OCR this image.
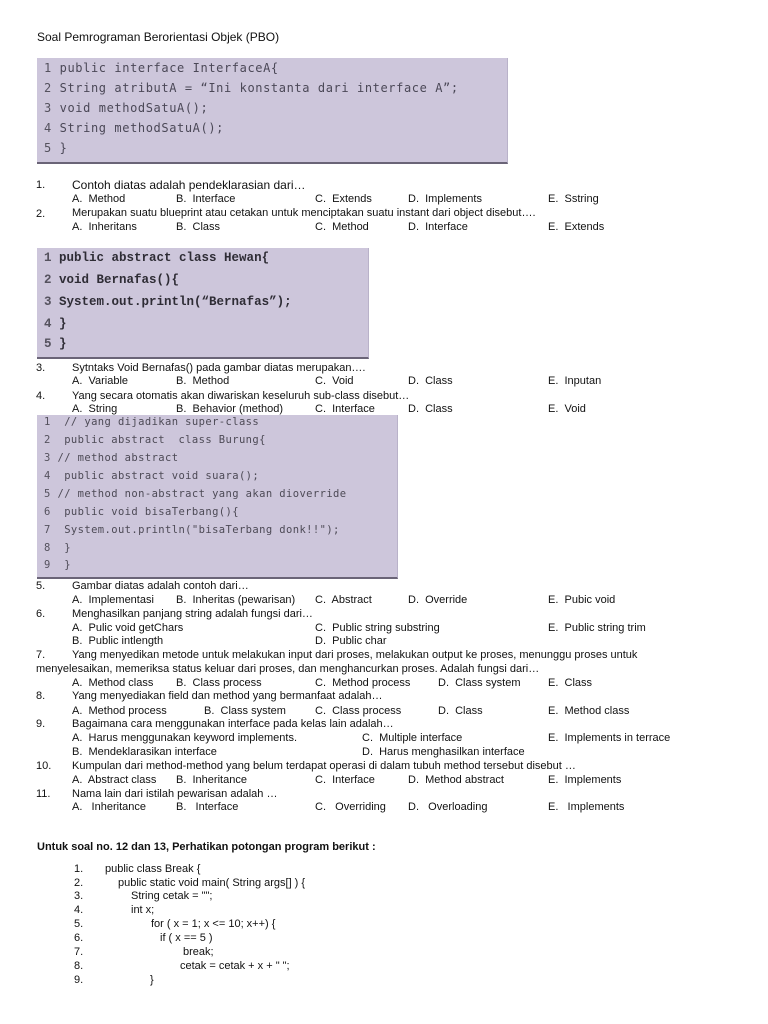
Soal Pemrograman Berorientasi Objek (PBO)
1 public interface InterfaceA{
2 String atributA = “Ini konstanta dari interface A”;
3 void methodSatuA();
4 String methodSatuA();
5 }
1. Contoh diatas adalah pendeklarasian dari…
A.  Method	B.  Interface	C.  Extends	D.  Implements	E.  Sstring
2. Merupakan suatu blueprint atau cetakan untuk menciptakan suatu instant dari object disebut….
A.  Inheritans	B.  Class	C.  Method	D.  Interface	E.  Extends
1 public abstract class Hewan{
2 void Bernafas(){
3 System.out.println(“Bernafas”);
4 }
5 }
3. Sytntaks Void Bernafas() pada gambar diatas merupakan….
A.  Variable	B.  Method	C.  Void	D.  Class	E.  Inputan
4. Yang secara otomatis akan diwariskan keseluruh sub-class disebut…
A.  String	B.  Behavior (method)	C.  Interface	D.  Class	E.  Void
1  // yang dijadikan super-class
2  public abstract  class Burung{
3 // method abstract
4  public abstract void suara();
5 // method non-abstract yang akan dioverride
6  public void bisaTerbang(){
7  System.out.println("bisaTerbang donk!!");
8  }
9  }
5. Gambar diatas adalah contoh dari…
A.  Implementasi B.  Inheritas (pewarisan) C.  Abstract	D.  Override	E.  Pubic void
6. Menghasilkan panjang string adalah fungsi dari…
A.  Pulic void getChars	C.  Public string substring	E.  Public string trim
B.  Public intlength	D.  Public char
7. Yang menyedikan metode untuk melakukan input dari proses, melakukan output ke proses, menunggu proses untuk
menyelesaikan, memeriksa status keluar dari proses, dan menghancurkan proses. Adalah fungsi dari…
A.  Method class B.  Class process	C.  Method process	D.  Class system E.  Class
8. Yang menyediakan field dan method yang bermanfaat adalah…
A.  Method process	B.  Class system	C.  Class process	D.  Class	E.  Method class
9. Bagaimana cara menggunakan interface pada kelas lain adalah…
A.  Harus menggunakan keyword implements.	C.  Multiple interface	E.  Implements in terrace
B.  Mendeklarasikan interface	D.  Harus menghasilkan interface
10. Kumpulan dari method-method yang belum terdapat operasi di dalam tubuh method tersebut disebut …
A.  Abstract class B.  Inheritance	C.  Interface	D.  Method abstract	E.  Implements
11. Nama lain dari istilah pewarisan adalah …
A.   Inheritance	B.   Interface	C.   Overriding D.   Overloading	E.   Implements
Untuk soal no. 12 dan 13, Perhatikan potongan program berikut :
1. public class Break {
2.	public static void main( String args[] ) {
3.	String cetak = "";
4.	int x;
5.	for ( x = 1; x <= 10; x++) {
6.	if ( x == 5 )
7.	break;
8.	cetak = cetak + x + " ";
9.	}
